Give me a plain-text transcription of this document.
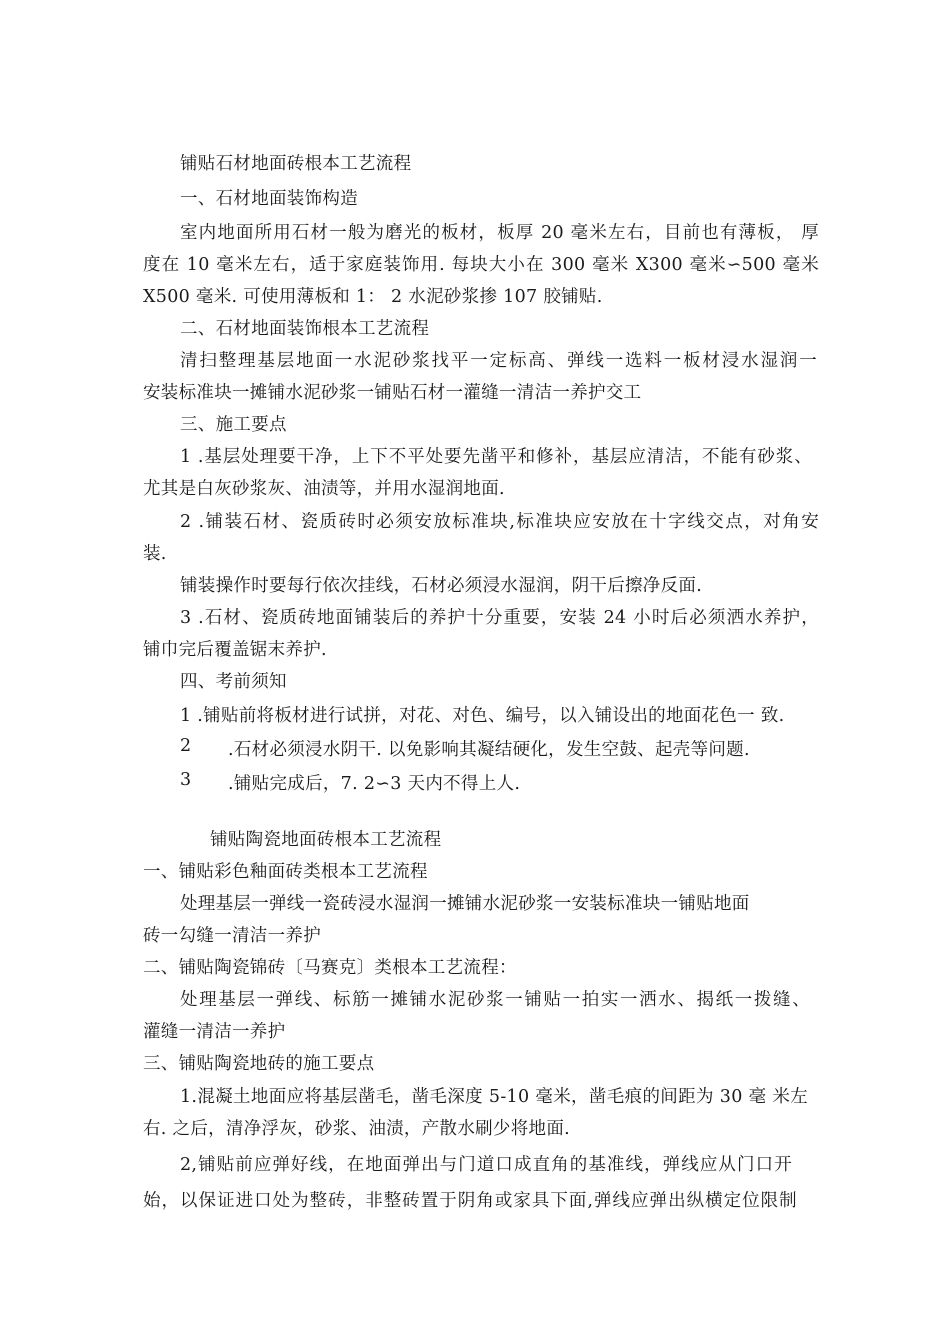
铺贴石材地面砖根本工艺流程
一、石材地面装饰构造
室内地面所用石材一般为磨光的板材，板厚 20 毫米左右，目前也有薄板， 厚
度在 10 毫米左右，适于家庭装饰用. 每块大小在 300 毫米 X300 毫米∽500 毫米
X500 毫米. 可使用薄板和 1： 2 水泥砂浆掺 107 胶铺贴.
二、石材地面装饰根本工艺流程
清扫整理基层地面一水泥砂浆找平一定标高、弹线一选料一板材浸水湿润一
安装标准块一摊铺水泥砂浆一铺贴石材一灌缝一清洁一养护交工
三、施工要点
1 .基层处理要干净，上下不平处要先凿平和修补，基层应清洁，不能有砂浆、
尤其是白灰砂浆灰、油渍等，并用水湿润地面.
2 .铺装石材、瓷质砖时必须安放标准块,标准块应安放在十字线交点，对角安
装.
铺装操作时要每行依次挂线，石材必须浸水湿润，阴干后擦净反面.
3 .石材、瓷质砖地面铺装后的养护十分重要，安装 24 小时后必须洒水养护，
铺巾完后覆盖锯末养护.
四、考前须知
1 .铺贴前将板材进行试拼，对花、对色、编号，以入铺设出的地面花色一 致.
2 .石材必须浸水阴干. 以免影响其凝结硬化，发生空鼓、起壳等问题.
3 .铺贴完成后，7. 2∽3 天内不得上人.
铺贴陶瓷地面砖根本工艺流程
一、铺贴彩色釉面砖类根本工艺流程
处理基层一弹线一瓷砖浸水湿润一摊铺水泥砂浆一安装标准块一铺贴地面
砖一勾缝一清洁一养护
二、铺贴陶瓷锦砖〔马赛克〕类根本工艺流程：
处理基层一弹线、标筋一摊铺水泥砂浆一铺贴一拍实一洒水、揭纸一拨缝、
灌缝一清洁一养护
三、铺贴陶瓷地砖的施工要点
1.混凝土地面应将基层凿毛，凿毛深度 5-10 毫米，凿毛痕的间距为 30 毫 米左
右. 之后，清净浮灰，砂浆、油渍，产散水刷少将地面.
2,铺贴前应弹好线，在地面弹出与门道口成直角的基准线，弹线应从门口开
始，以保证进口处为整砖，非整砖置于阴角或家具下面,弹线应弹出纵横定位限制
